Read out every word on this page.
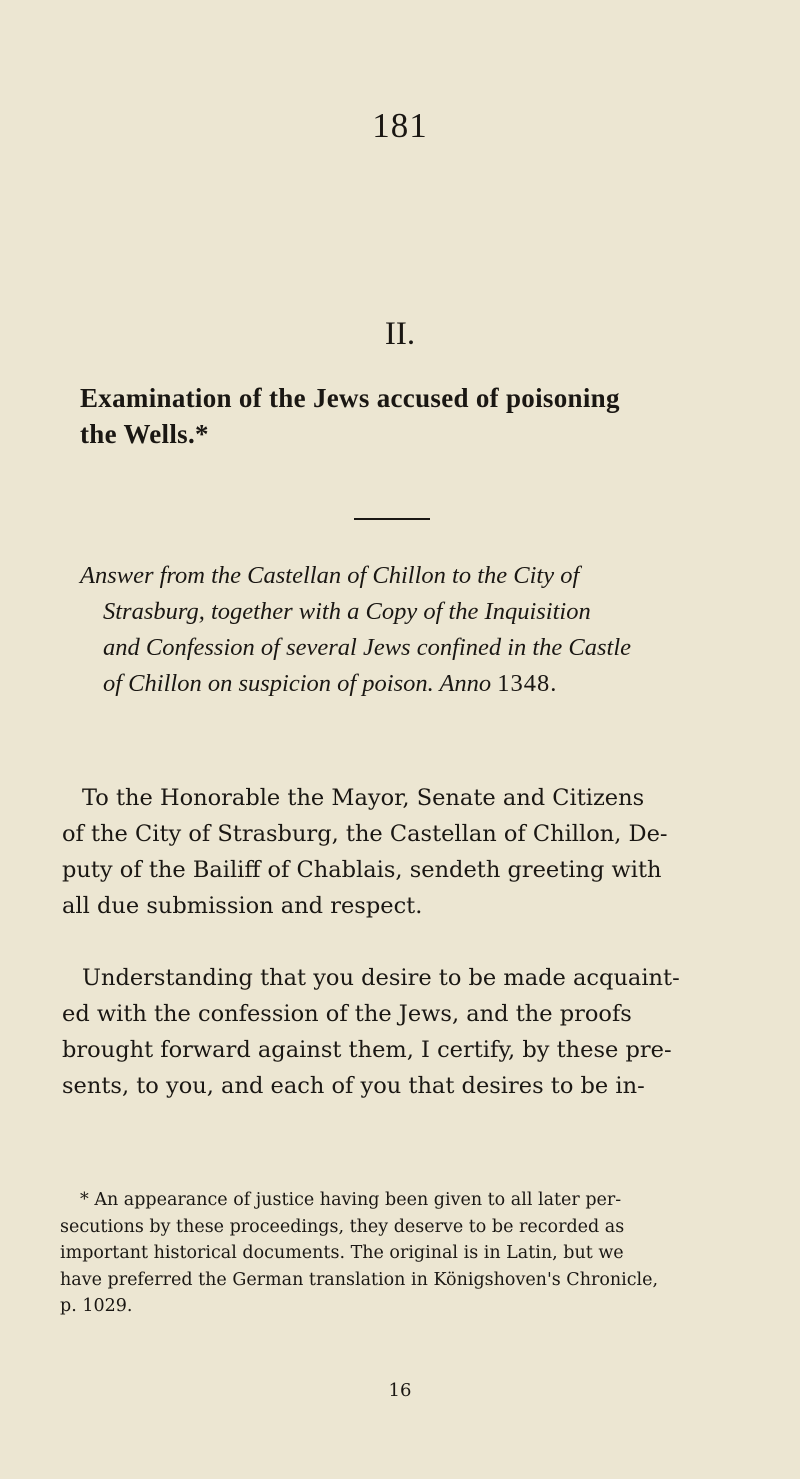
181
II.
Examination of the Jews accused of poisoning
the Wells.*
Answer from the Castellan of Chillon to the City of
Strasburg, together with a Copy of the Inquisition
and Confession of several Jews confined in the Castle
of Chillon on suspicion of poison. Anno 1348.
To the Honorable the Mayor, Senate and Citizens
of the City of Strasburg, the Castellan of Chillon, De-
puty of the Bailiff of Chablais, sendeth greeting with
all due submission and respect.
Understanding that you desire to be made acquaint-
ed with the confession of the Jews, and the proofs
brought forward against them, I certify, by these pre-
sents, to you, and each of you that desires to be in-
* An appearance of justice having been given to all later per-
secutions by these proceedings, they deserve to be recorded as
important historical documents. The original is in Latin, but we
have preferred the German translation in Königshoven's Chronicle,
p. 1029.
16
